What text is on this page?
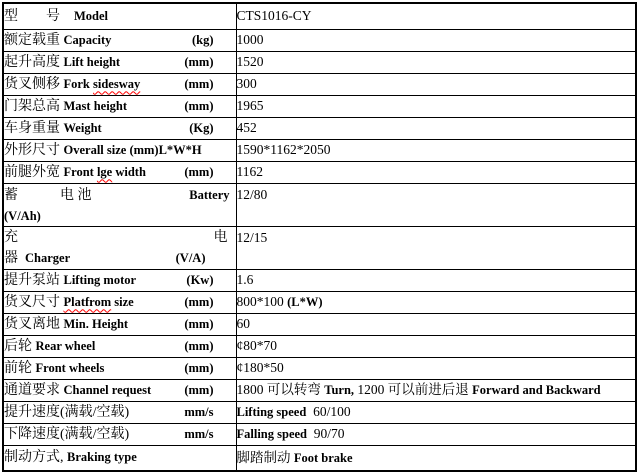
型　　号　 Model	CTS1016-CY

额定载重 Capacity (kg)	1000

起升高度 Lift height (mm)	1520

货叉侧移 Fork sidesway (mm)	300

门架总高 Mast height (mm)	1965

车身重量 Weight (Kg)	452

外形尺寸 Overall size (mm)L*W*H	1590*1162*2050

前腿外宽 Front lge width (mm)	1162

蓄　　　电 池 Battery
(V/Ah)	12/80

充 电
器 Charger (V/A)	12/15

提升泵站 Lifting motor (Kw)	1.6

货叉尺寸 Platfrom size (mm)	800*100 (L*W)

货叉离地 Min. Height (mm)	60

后轮 Rear wheel (mm)	¢80*70

前轮 Front wheels (mm)	¢180*50

通道要求 Channel request (mm)	1800 可以转弯 Turn, 1200 可以前进后退 Forward and Backward

提升速度(满载/空载) mm/s	Lifting speed 60/100

下降速度(满载/空载) mm/s	Falling speed 90/70

制动方式, Braking type	脚踏制动 Foot brake
